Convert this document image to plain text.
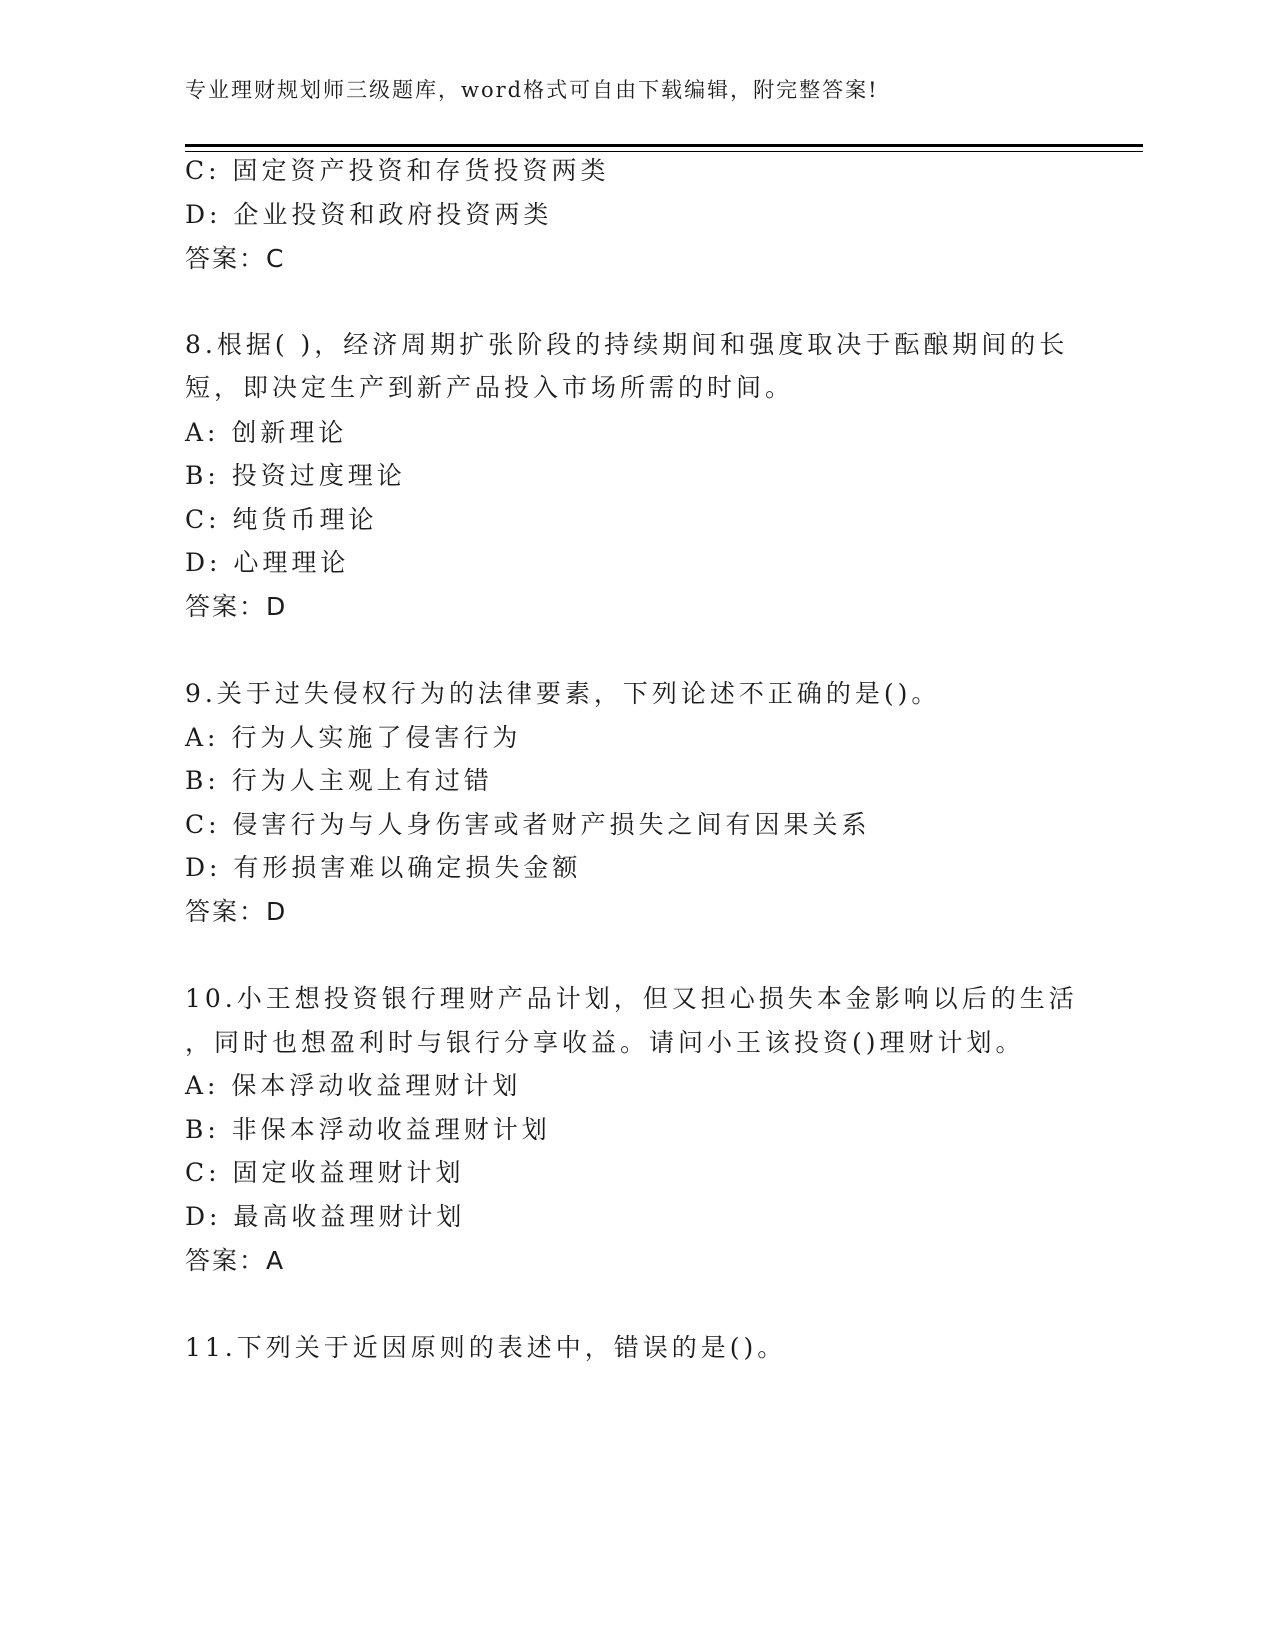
专业理财规划师三级题库，word格式可自由下载编辑，附完整答案!
C: 固定资产投资和存货投资两类
D: 企业投资和政府投资两类
答案：C
8.根据( )，经济周期扩张阶段的持续期间和强度取决于酝酿期间的长
短，即决定生产到新产品投入市场所需的时间。
A: 创新理论
B: 投资过度理论
C: 纯货币理论
D: 心理理论
答案：D
9.关于过失侵权行为的法律要素，下列论述不正确的是()。
A: 行为人实施了侵害行为
B: 行为人主观上有过错
C: 侵害行为与人身伤害或者财产损失之间有因果关系
D: 有形损害难以确定损失金额
答案：D
10.小王想投资银行理财产品计划，但又担心损失本金影响以后的生活
，同时也想盈利时与银行分享收益。请问小王该投资()理财计划。
A: 保本浮动收益理财计划
B: 非保本浮动收益理财计划
C: 固定收益理财计划
D: 最高收益理财计划
答案：A
11.下列关于近因原则的表述中，错误的是()。
